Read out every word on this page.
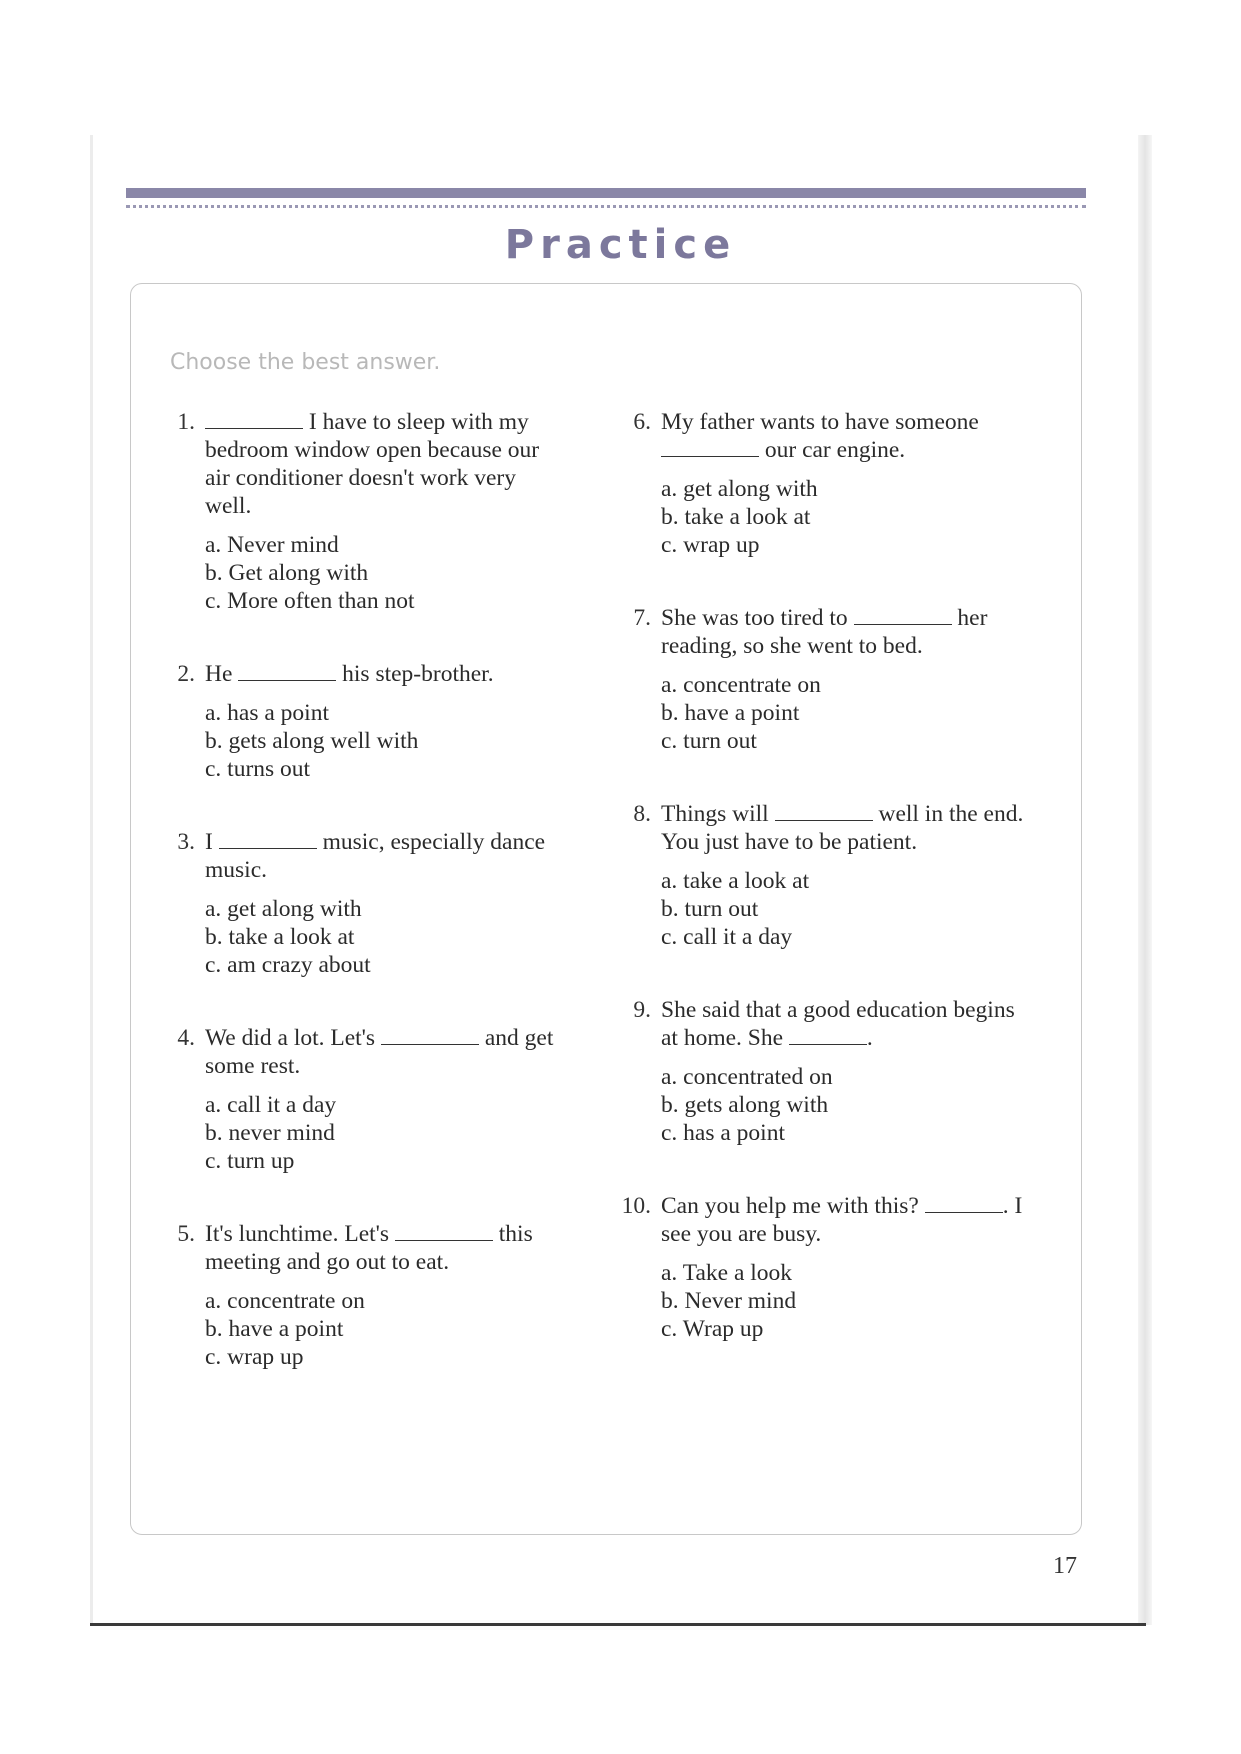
Practice
Choose the best answer.
1.	I have to sleep with my bedroom window open because our air conditioner doesn't work very well.
a. Never mind
b. Get along with
c. More often than not
2. He	his step-brother.
a. has a point
b. gets along well with
c. turns out
3. I	music, especially dance music.
a. get along with
b. take a look at
c. am crazy about
4. We did a lot. Let's	and get some rest.
a. call it a day
b. never mind
c. turn up
5. It's lunchtime. Let's	this meeting and go out to eat.
a. concentrate on
b. have a point
c. wrap up
6. My father wants to have someone  our car engine.
a. get along with
b. take a look at
c. wrap up
7. She was too tired to	her reading, so she went to bed.
a. concentrate on
b. have a point
c. turn out
8. Things will	well in the end. You just have to be patient.
a. take a look at
b. turn out
c. call it a day
9. She said that a good education begins at home. She	.
a. concentrated on
b. gets along with
c. has a point
10. Can you help me with this?	. I see you are busy.
a. Take a look
b. Never mind
c. Wrap up
17
